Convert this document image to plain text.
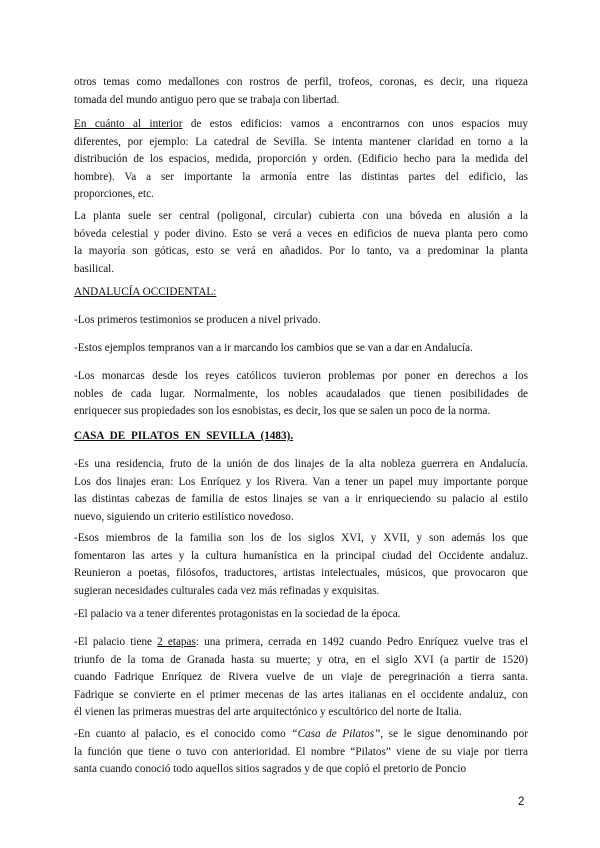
otros temas como medallones con rostros de perfil, trofeos, coronas, es decir, una riqueza
tomada del mundo antiguo pero que se trabaja con libertad.

En cuánto al interior de estos edificios: vamos a encontrarnos con unos espacios muy
diferentes, por ejemplo: La catedral de Sevilla. Se intenta mantener claridad en torno a la
distribución de los espacios, medida, proporción y orden. (Edificio hecho para la medida del
hombre). Va a ser importante la armonía entre las distintas partes del edificio, las
proporciones, etc.

La planta suele ser central (poligonal, circular) cubierta con una bóveda en alusión a la
bóveda celestial y poder divino. Esto se verá a veces en edificios de nueva planta pero como
la mayoría son góticas, esto se verá en añadidos. Por lo tanto, va a predominar la planta
basilical.

ANDALUCÍA OCCIDENTAL:

-Los primeros testimonios se producen a nivel privado.

-Estos ejemplos tempranos van a ir marcando los cambios que se van a dar en Andalucía.

-Los monarcas desde los reyes católicos tuvieron problemas por poner en derechos a los
nobles de cada lugar. Normalmente, los nobles acaudalados que tienen posibilidades de
enriquecer sus propiedades son los esnobistas, es decir, los que se salen un poco de la norma.

CASA DE PILATOS EN SEVILLA (1483).

-Es una residencia, fruto de la unión de dos linajes de la alta nobleza guerrera en Andalucía.
Los dos linajes eran: Los Enríquez y los Rivera. Van a tener un papel muy importante porque
las distintas cabezas de familia de estos linajes se van a ir enriqueciendo su palacio al estilo
nuevo, siguiendo un criterio estilístico novedoso.

-Esos miembros de la familia son los de los siglos XVI, y XVII, y son además los que
fomentaron las artes y la cultura humanística en la principal ciudad del Occidente andaluz.
Reunieron a poetas, filósofos, traductores, artistas intelectuales, músicos, que provocaron que
sugieran necesidades culturales cada vez más refinadas y exquisitas.

-El palacio va a tener diferentes protagonistas en la sociedad de la época.

-El palacio tiene 2 etapas: una primera, cerrada en 1492 cuando Pedro Enríquez vuelve tras el
triunfo de la toma de Granada hasta su muerte; y otra, en el siglo XVI (a partir de 1520)
cuando Fadrique Enríquez de Rivera vuelve de un viaje de peregrinación a tierra santa.
Fadrique se convierte en el primer mecenas de las artes italianas en el occidente andaluz, con
él vienen las primeras muestras del arte arquitectónico y escultórico del norte de Italia.

-En cuanto al palacio, es el conocido como “Casa de Pilatos”, se le sigue denominando por
la función que tiene o tuvo con anterioridad. El nombre “Pilatos” viene de su viaje por tierra
santa cuando conoció todo aquellos sitios sagrados y de que copió el pretorio de Poncio

2
